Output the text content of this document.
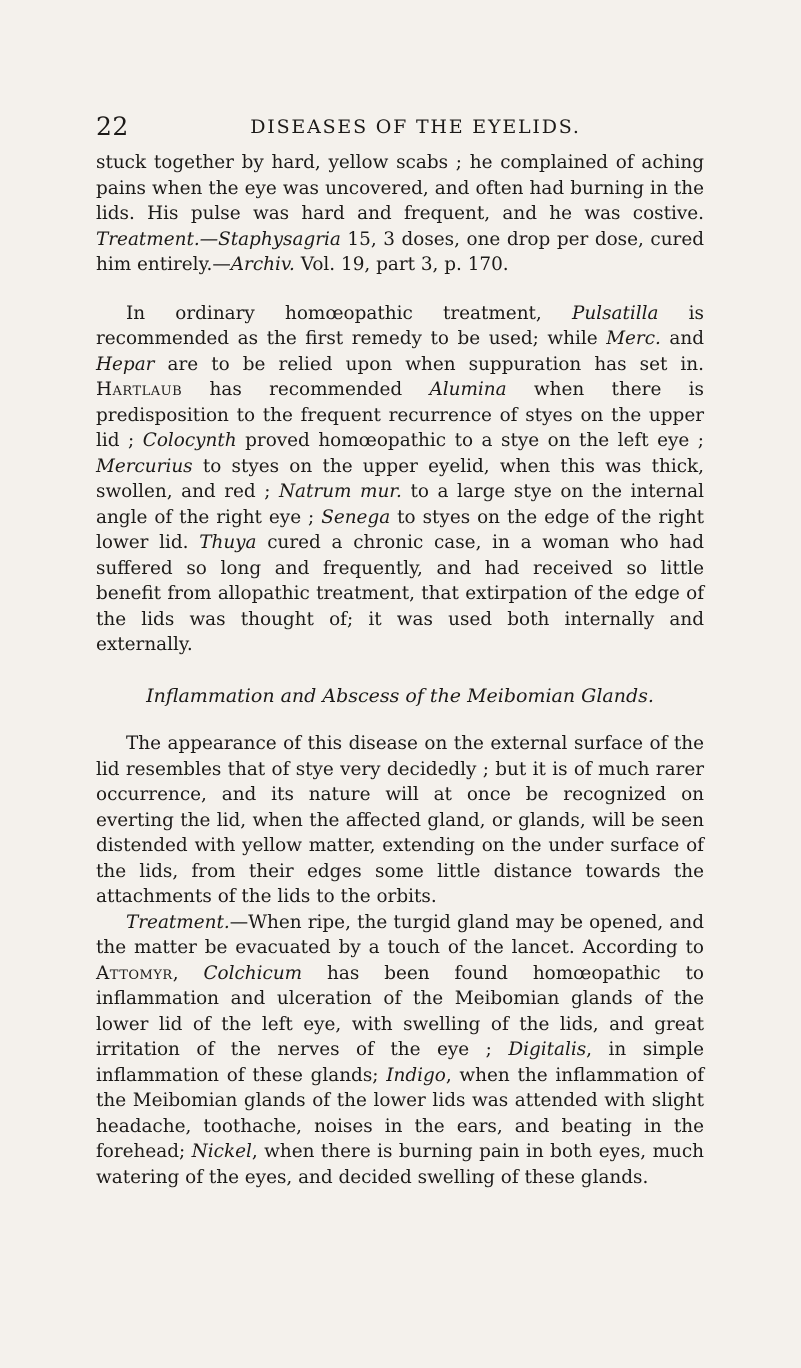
22	DISEASES OF THE EYELIDS.

stuck together by hard, yellow scabs ; he complained of aching pains when the eye was uncovered, and often had burning in the lids. His pulse was hard and frequent, and he was costive. Treatment.—Staphysagria 15, 3 doses, one drop per dose, cured him entirely.—Archiv. Vol. 19, part 3, p. 170.

In ordinary homœopathic treatment, Pulsatilla is recommended as the first remedy to be used; while Merc. and Hepar are to be relied upon when suppuration has set in. Hartlaub has recommended Alumina when there is predisposition to the frequent recurrence of styes on the upper lid ; Colocynth proved homœopathic to a stye on the left eye ; Mercurius to styes on the upper eyelid, when this was thick, swollen, and red ; Natrum mur. to a large stye on the internal angle of the right eye ; Senega to styes on the edge of the right lower lid. Thuya cured a chronic case, in a woman who had suffered so long and frequently, and had received so little benefit from allopathic treatment, that extirpation of the edge of the lids was thought of; it was used both internally and externally.

Inflammation and Abscess of the Meibomian Glands.

The appearance of this disease on the external surface of the lid resembles that of stye very decidedly ; but it is of much rarer occurrence, and its nature will at once be recognized on everting the lid, when the affected gland, or glands, will be seen distended with yellow matter, extending on the under surface of the lids, from their edges some little distance towards the attachments of the lids to the orbits.

Treatment.—When ripe, the turgid gland may be opened, and the matter be evacuated by a touch of the lancet. According to Attomyr, Colchicum has been found homœopathic to inflammation and ulceration of the Meibomian glands of the lower lid of the left eye, with swelling of the lids, and great irritation of the nerves of the eye ; Digitalis, in simple inflammation of these glands; Indigo, when the inflammation of the Meibomian glands of the lower lids was attended with slight headache, toothache, noises in the ears, and beating in the forehead; Nickel, when there is burning pain in both eyes, much watering of the eyes, and decided swelling of these glands.
